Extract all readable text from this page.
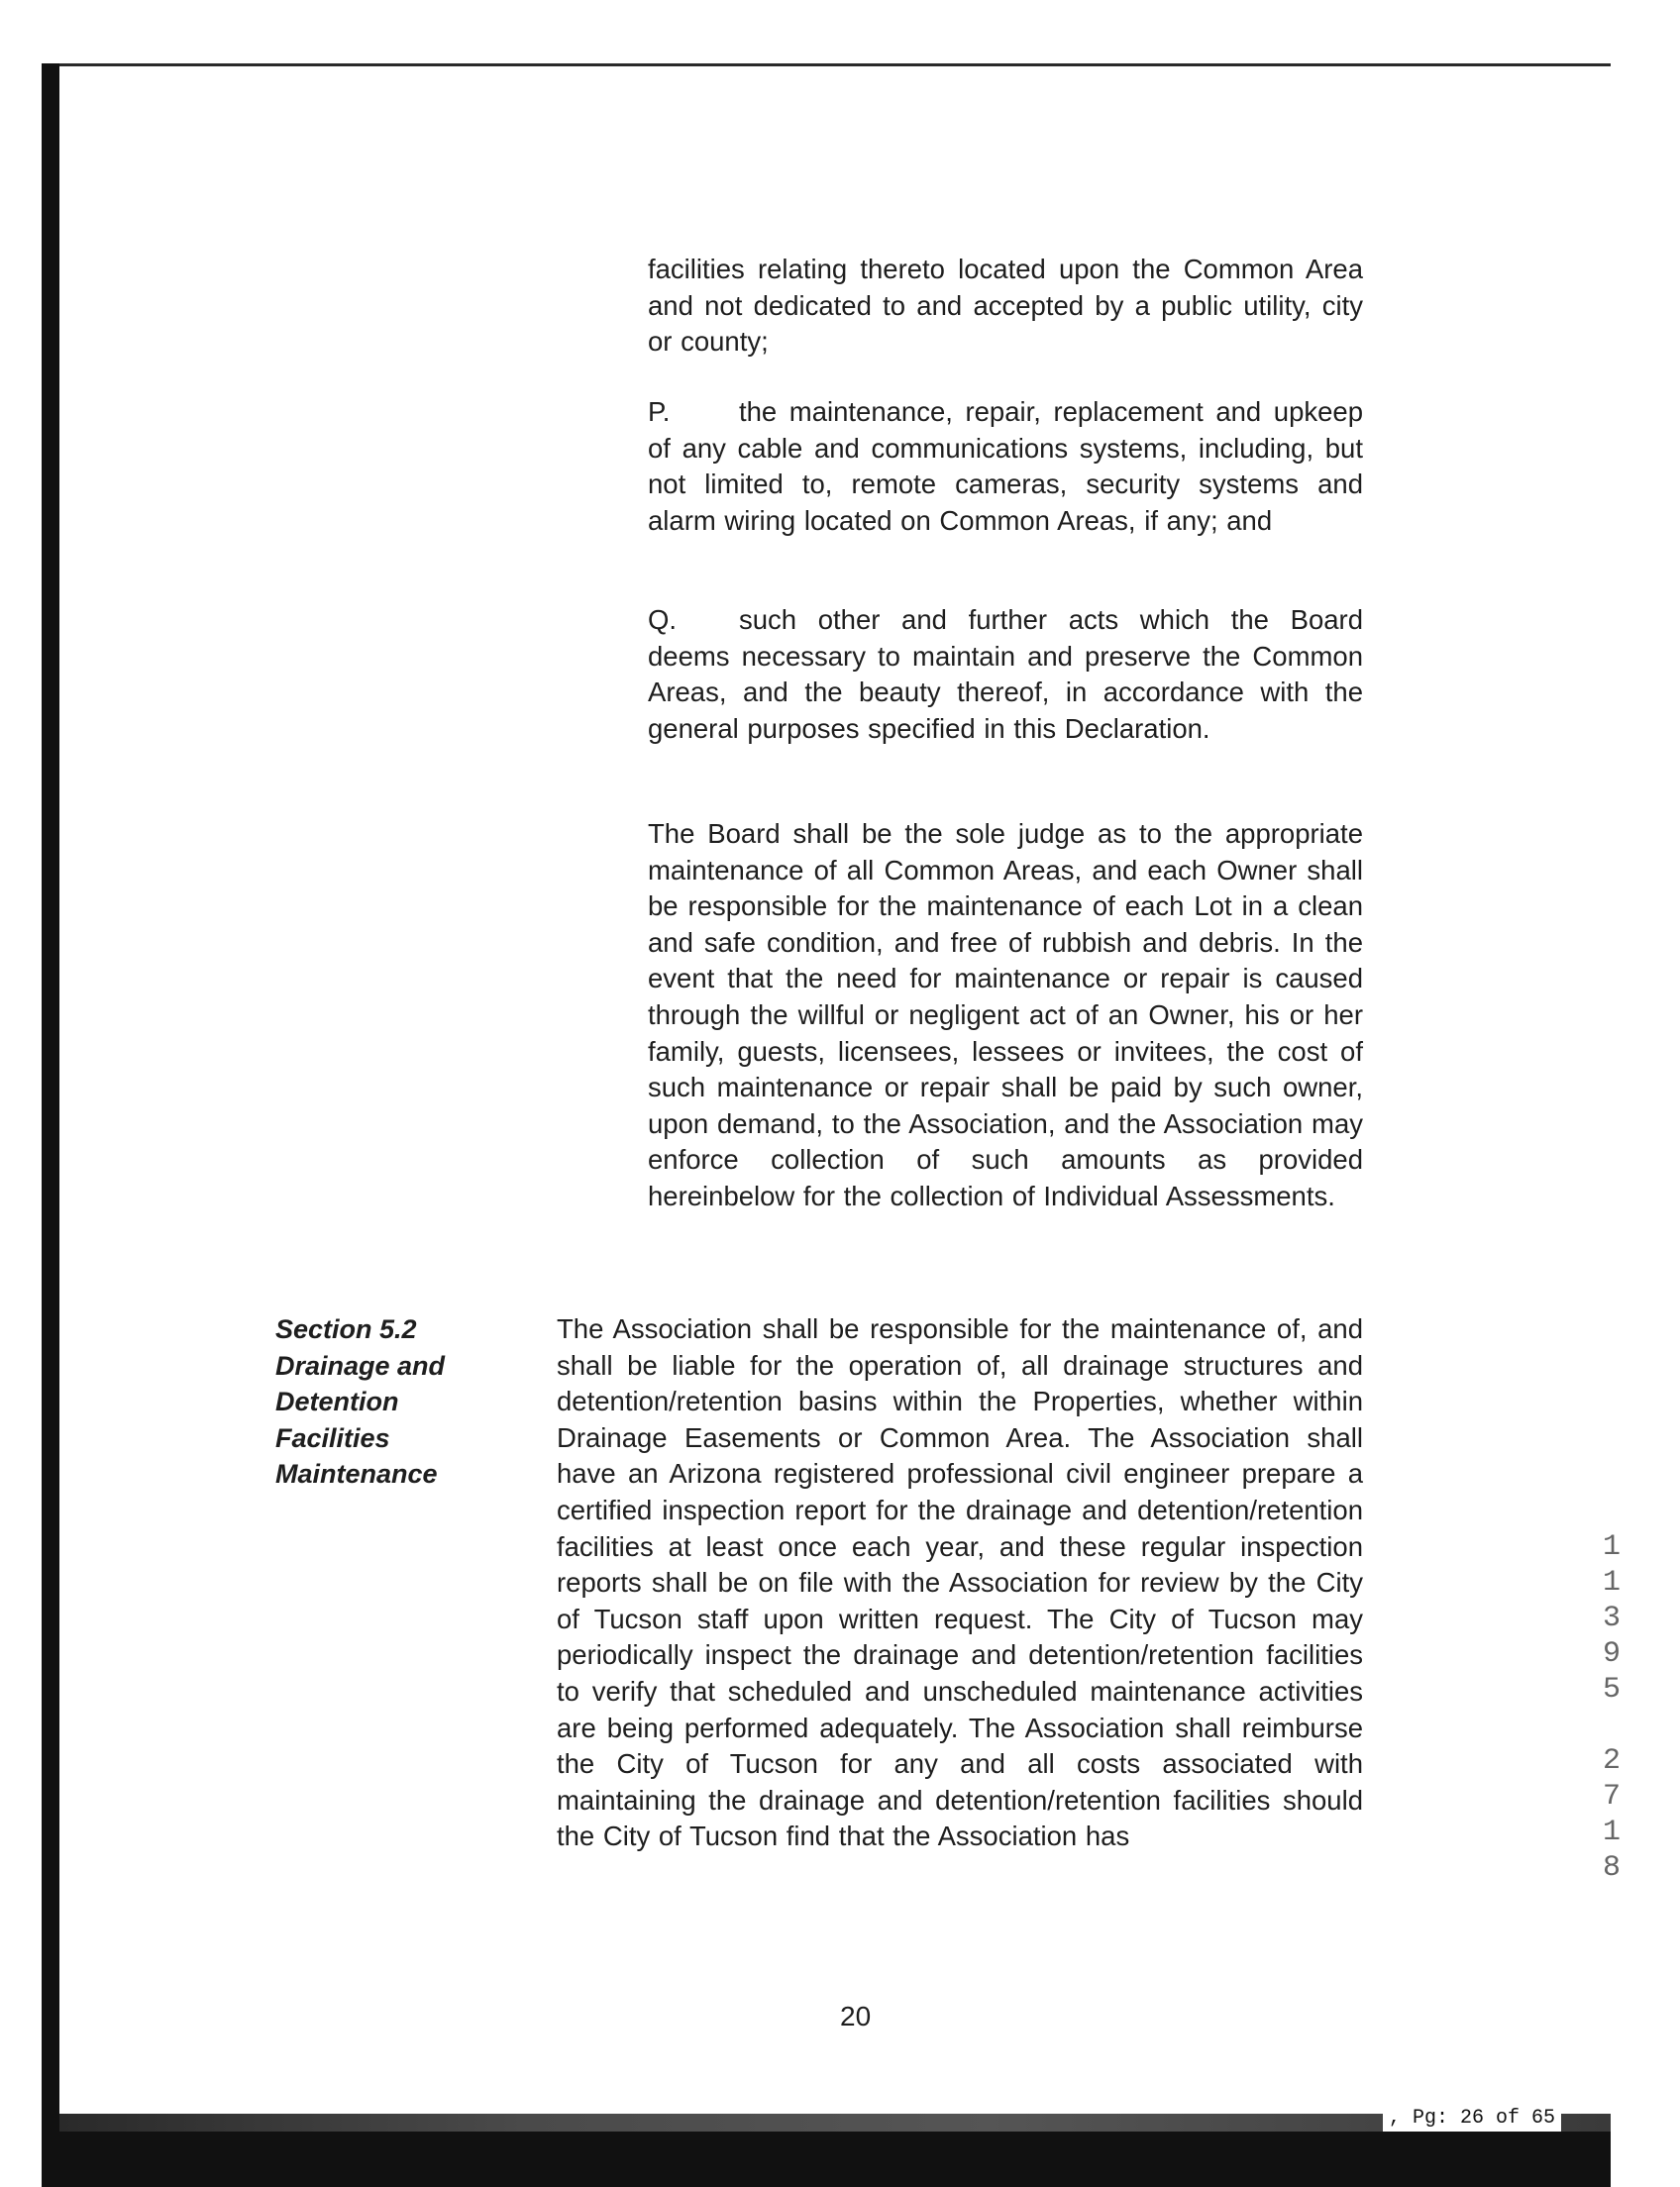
facilities relating thereto located upon the Common Area and not dedicated to and accepted by a public utility, city or county;

P.	the maintenance, repair, replacement and upkeep of any cable and communications systems, including, but not limited to, remote cameras, security systems and alarm wiring located on Common Areas, if any; and

Q. such other and further acts which the Board deems necessary to maintain and preserve the Common Areas, and the beauty thereof, in accordance with the general purposes specified in this Declaration.

The Board shall be the sole judge as to the appropriate maintenance of all Common Areas, and each Owner shall be responsible for the maintenance of each Lot in a clean and safe condition, and free of rubbish and debris. In the event that the need for maintenance or repair is caused through the willful or negligent act of an Owner, his or her family, guests, licensees, lessees or invitees, the cost of such maintenance or repair shall be paid by such owner, upon demand, to the Association, and the Association may enforce collection of such amounts as provided hereinbelow for the collection of Individual Assessments.

Section 5.2
Drainage and
Detention
Facilities
Maintenance

The Association shall be responsible for the maintenance of, and shall be liable for the operation of, all drainage structures and detention/retention basins within the Properties, whether within Drainage Easements or Common Area. The Association shall have an Arizona registered professional civil engineer prepare a certified inspection report for the drainage and detention/retention facilities at least once each year, and these regular inspection reports shall be on file with the Association for review by the City of Tucson staff upon written request. The City of Tucson may periodically inspect the drainage and detention/retention facilities to verify that scheduled and unscheduled maintenance activities are being performed adequately. The Association shall reimburse the City of Tucson for any and all costs associated with maintaining the drainage and detention/retention facilities should the City of Tucson find that the Association has

20
1
1
3
9
5
2
7
1
8
, Pg: 26 of 65
